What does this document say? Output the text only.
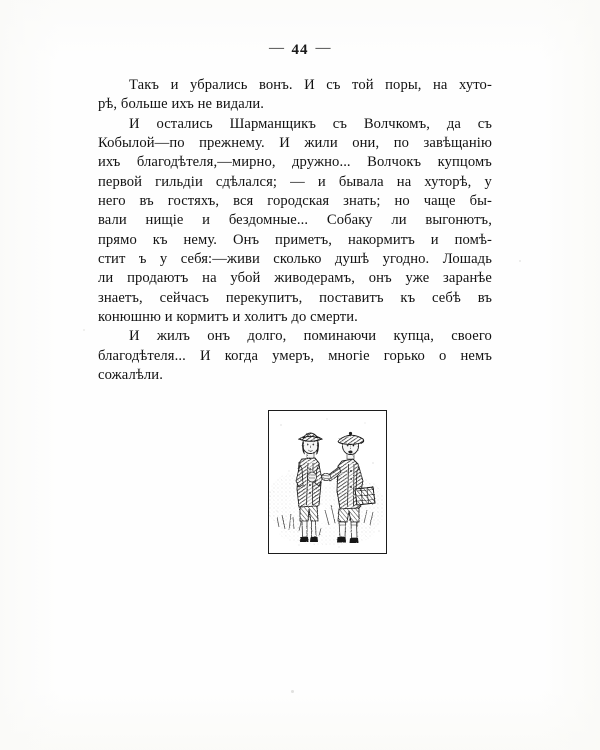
— 44 —
Такъ и убрались вонъ. И съ той поры, на хуто-
рѣ, больше ихъ не видали.
И остались Шарманщикъ съ Волчкомъ, да съ
Кобылой—по прежнему. И жили они, по завѣщанію
ихъ благодѣтеля,—мирно, дружно... Волчокъ купцомъ
первой гильдіи сдѣлался; — и бывала на хуторѣ, у
него въ гостяхъ, вся городская знать; но чаще бы-
вали нищіе и бездомные... Собаку ли выгонютъ,
прямо къ нему. Онъ приметъ, накормитъ и помѣ-
стит ъ у себя:—живи сколько душѣ угодно. Лошадь
ли продаютъ на убой живодерамъ, онъ уже заранѣе
знаетъ, сейчасъ перекупитъ, поставитъ къ себѣ въ
конюшню и кормитъ и холитъ до смерти.
И жилъ онъ долго, поминаючи купца, своего
благодѣтеля... И когда умеръ, многіе горько о немъ
сожалѣли.
